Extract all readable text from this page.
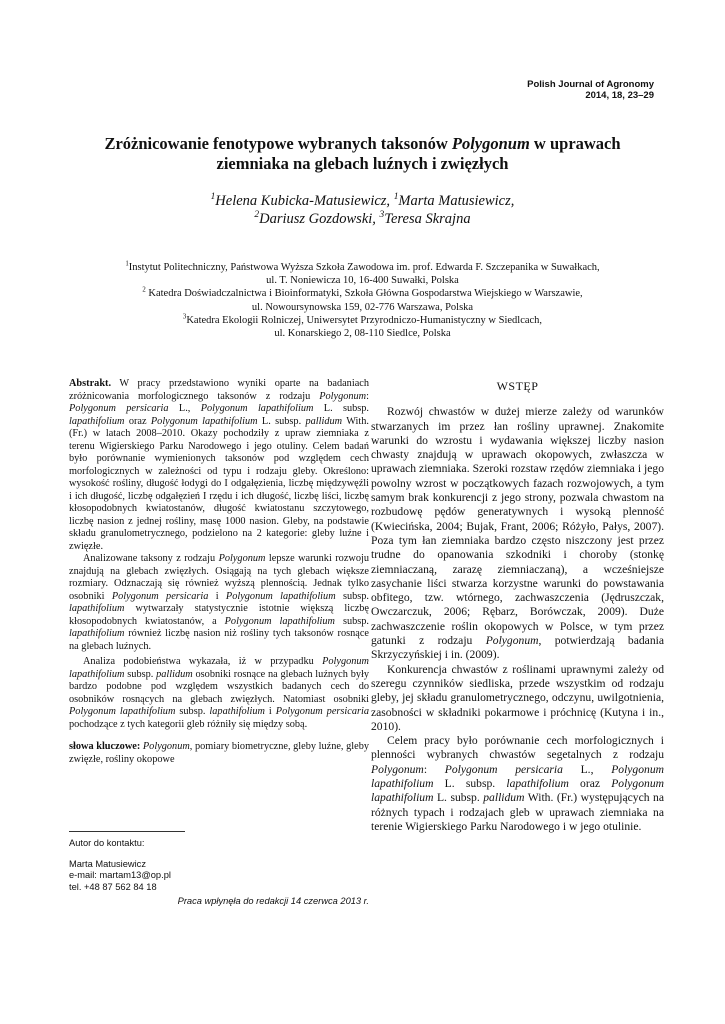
Polish Journal of Agronomy
2014, 18, 23–29
Zróżnicowanie fenotypowe wybranych taksonów Polygonum w uprawach
ziemniaka na glebach luźnych i zwięzłych
$^1$Helena Kubicka-Matusiewicz, $^1$Marta Matusiewicz,
$^2$Dariusz Gozdowski, $^3$Teresa Skrajna
$^1$Instytut Politechniczny, Państwowa Wyższa Szkoła Zawodowa im. prof. Edwarda F. Szczepanika w Suwałkach,
ul. T. Noniewicza 10, 16-400 Suwałki, Polska
$^2$ Katedra Doświadczalnictwa i Bioinformatyki, Szkoła Główna Gospodarstwa Wiejskiego w Warszawie,
ul. Nowoursynowska 159, 02-776 Warszawa, Polska
$^3$Katedra Ekologii Rolniczej, Uniwersytet Przyrodniczo-Humanistyczny w Siedlcach,
ul. Konarskiego 2, 08-110 Siedlce, Polska

Abstrakt. W pracy przedstawiono wyniki oparte na badaniach zróżnicowania morfologicznego taksonów z rodzaju Polygonum: Polygonum persicaria L., Polygonum lapathifolium L. subsp. lapathifolium oraz Polygonum lapathifolium L. subsp. pallidum With. (Fr.) w latach 2008–2010. Okazy pochodziły z upraw ziemniaka z terenu Wigierskiego Parku Narodowego i jego otuliny. Celem badań było porównanie wymienionych taksonów pod względem cech morfologicznych w zależności od typu i rodzaju gleby. Określono: wysokość rośliny, długość łodygi do I odgałęzienia, liczbę międzywęźli i ich długość, liczbę odgałęzień I rzędu i ich długość, liczbę liści, liczbę kłosopodobnych kwiatostanów, długość kwiatostanu szczytowego, liczbę nasion z jednej rośliny, masę 1000 nasion. Gleby, na podstawie składu granulometrycznego, podzielono na 2 kategorie: gleby luźne i zwięzłe.

Analizowane taksony z rodzaju Polygonum lepsze warunki rozwoju znajdują na glebach zwięzłych. Osiągają na tych glebach większe rozmiary. Odznaczają się również wyższą plennością. Jednak tylko osobniki Polygonum persicaria i Polygonum lapathifolium subsp. lapathifolium wytwarzały statystycznie istotnie większą liczbę kłosopodobnych kwiatostanów, a Polygonum lapathifolium subsp. lapathifolium również liczbę nasion niż rośliny tych taksonów rosnące na glebach luźnych.

Analiza podobieństwa wykazała, iż w przypadku Polygonum lapathifolium subsp. pallidum osobniki rosnące na glebach luźnych były bardzo podobne pod względem wszystkich badanych cech do osobników rosnących na glebach zwięzłych. Natomiast osobniki Polygonum lapathifolium subsp. lapathifolium i Polygonum persicaria pochodzące z tych kategorii gleb różniły się między sobą.

słowa kluczowe: Polygonum, pomiary biometryczne, gleby luźne, gleby zwięzłe, rośliny okopowe

Autor do kontaktu:
Marta Matusiewicz
e-mail: martam13@op.pl
tel. +48 87 562 84 18
Praca wpłynęła do redakcji 14 czerwca 2013 r.
WSTĘP

Rozwój chwastów w dużej mierze zależy od warunków stwarzanych im przez łan rośliny uprawnej. Znakomite warunki do wzrostu i wydawania większej liczby nasion chwasty znajdują w uprawach okopowych, zwłaszcza w uprawach ziemniaka. Szeroki rozstaw rzędów ziemniaka i jego powolny wzrost w początkowych fazach rozwojowych, a tym samym brak konkurencji z jego strony, pozwala chwastom na rozbudowę pędów generatywnych i wysoką plenność (Kwiecińska, 2004; Bujak, Frant, 2006; Różyło, Pałys, 2007). Poza tym łan ziemniaka bardzo często niszczony jest przez trudne do opanowania szkodniki i choroby (stonkę ziemniaczaną, zarazę ziemniaczaną), a wcześniejsze zasychanie liści stwarza korzystne warunki do powstawania obfitego, tzw. wtórnego, zachwaszczenia (Jędruszczak, Owczarczuk, 2006; Rębarz, Borówczak, 2009). Duże zachwaszczenie roślin okopowych w Polsce, w tym przez gatunki z rodzaju Polygonum, potwierdzają badania Skrzyczyńskiej i in. (2009).

Konkurencja chwastów z roślinami uprawnymi zależy od szeregu czynników siedliska, przede wszystkim od rodzaju gleby, jej składu granulometrycznego, odczynu, uwilgotnienia, zasobności w składniki pokarmowe i próchnicę (Kutyna i in., 2010).

Celem pracy było porównanie cech morfologicznych i plenności wybranych chwastów segetalnych z rodzaju Polygonum: Polygonum persicaria L., Polygonum lapathifolium L. subsp. lapathifolium oraz Polygonum lapathifolium L. subsp. pallidum With. (Fr.) występujących na różnych typach i rodzajach gleb w uprawach ziemniaka na terenie Wigierskiego Parku Narodowego i w jego otulinie.
